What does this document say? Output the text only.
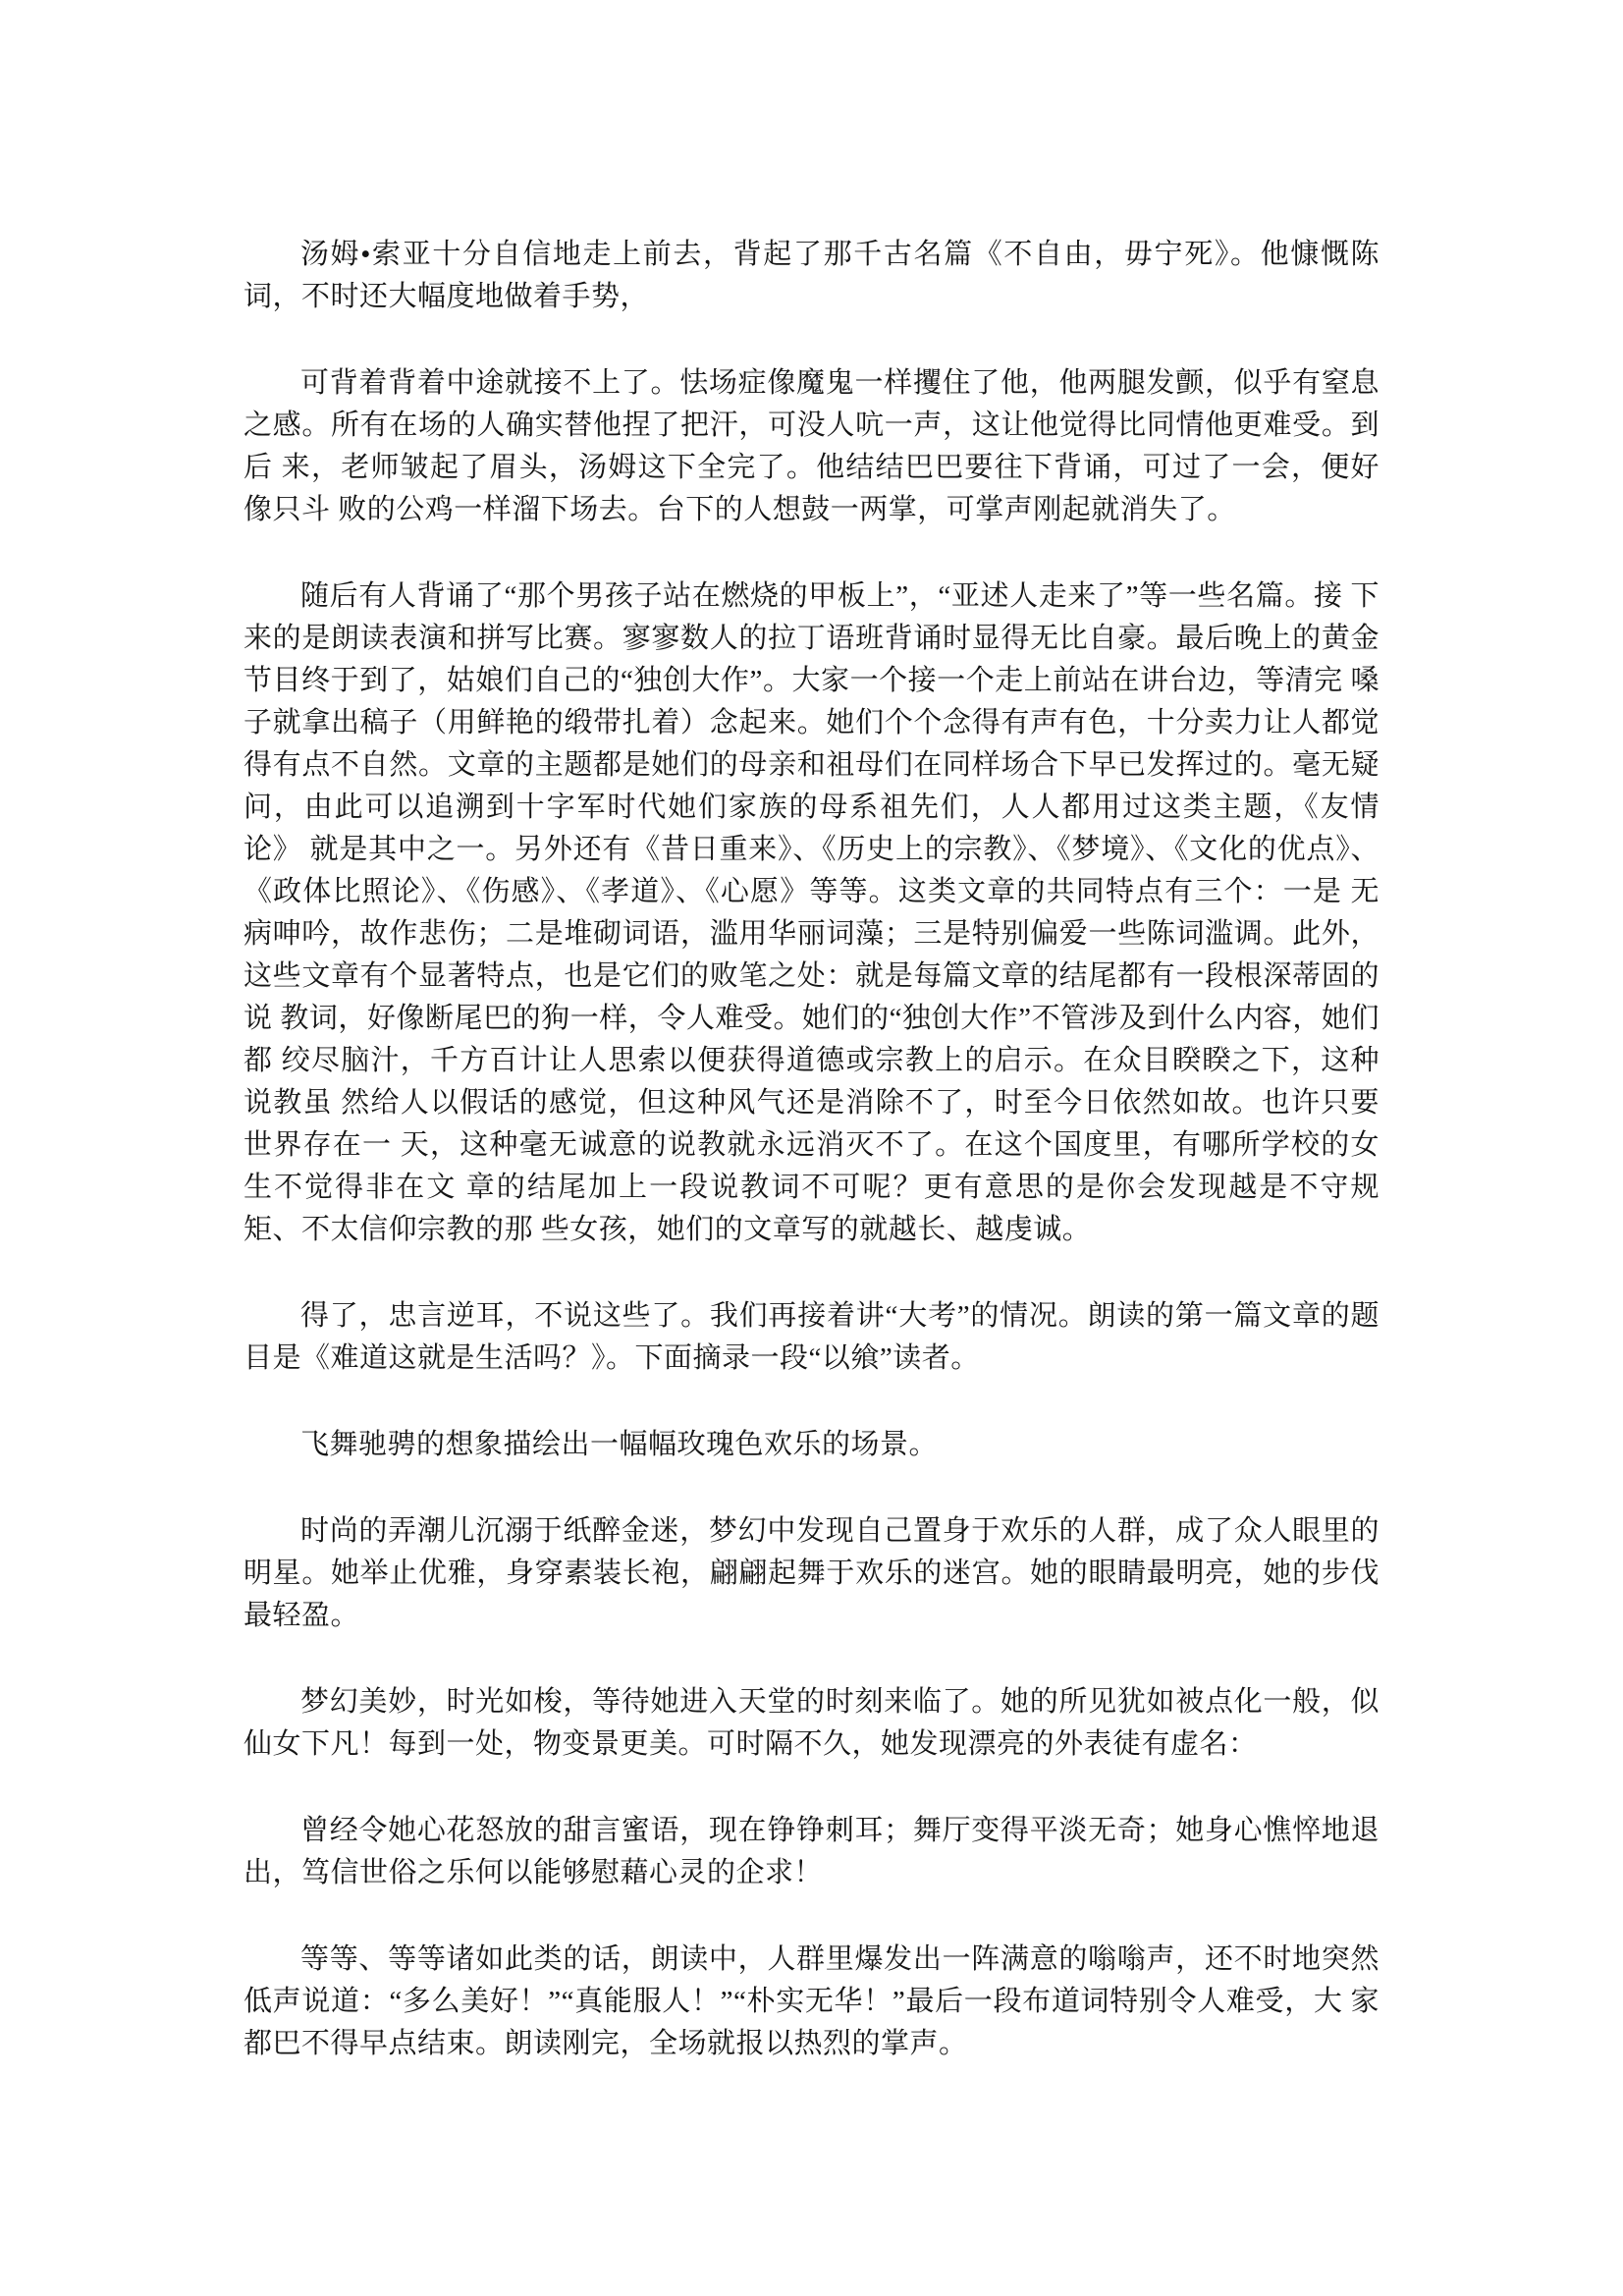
汤姆•索亚十分自信地走上前去，背起了那千古名篇《不自由，毋宁死》。他慷慨陈 词，不时还大幅度地做着手势，

可背着背着中途就接不上了。怯场症像魔鬼一样攫住了他，他两腿发颤，似乎有窒息之感。所有在场的人确实替他捏了把汗，可没人吭一声，这让他觉得比同情他更难受。到后 来，老师皱起了眉头，汤姆这下全完了。他结结巴巴要往下背诵，可过了一会，便好像只斗 败的公鸡一样溜下场去。台下的人想鼓一两掌，可掌声刚起就消失了。

随后有人背诵了“那个男孩子站在燃烧的甲板上”，“亚述人走来了”等一些名篇。接 下来的是朗读表演和拼写比赛。寥寥数人的拉丁语班背诵时显得无比自豪。最后晚上的黄金 节目终于到了，姑娘们自己的“独创大作”。大家一个接一个走上前站在讲台边，等清完 嗓子就拿出稿子（用鲜艳的缎带扎着）念起来。她们个个念得有声有色，十分卖力让人都觉 得有点不自然。文章的主题都是她们的母亲和祖母们在同样场合下早已发挥过的。毫无疑 问，由此可以追溯到十字军时代她们家族的母系祖先们，人人都用过这类主题，《友情论》 就是其中之一。另外还有《昔日重来》、《历史上的宗教》、《梦境》、《文化的优点》、 《政体比照论》、《伤感》、《孝道》、《心愿》等等。这类文章的共同特点有三个：一是 无病呻吟，故作悲伤；二是堆砌词语，滥用华丽词藻；三是特别偏爱一些陈词滥调。此外， 这些文章有个显著特点，也是它们的败笔之处：就是每篇文章的结尾都有一段根深蒂固的说 教词，好像断尾巴的狗一样，令人难受。她们的“独创大作”不管涉及到什么内容，她们都 绞尽脑汁，千方百计让人思索以便获得道德或宗教上的启示。在众目睽睽之下，这种说教虽 然给人以假话的感觉，但这种风气还是消除不了，时至今日依然如故。也许只要世界存在一 天，这种毫无诚意的说教就永远消灭不了。在这个国度里，有哪所学校的女生不觉得非在文 章的结尾加上一段说教词不可呢？更有意思的是你会发现越是不守规矩、不太信仰宗教的那 些女孩，她们的文章写的就越长、越虔诚。

得了，忠言逆耳，不说这些了。我们再接着讲“大考”的情况。朗读的第一篇文章的题目是《难道这就是生活吗？》。下面摘录一段“以飨”读者。

飞舞驰骋的想象描绘出一幅幅玫瑰色欢乐的场景。

时尚的弄潮儿沉溺于纸醉金迷，梦幻中发现自己置身于欢乐的人群，成了众人眼里的明星。她举止优雅，身穿素装长袍，翩翩起舞于欢乐的迷宫。她的眼睛最明亮，她的步伐最轻盈。

梦幻美妙，时光如梭，等待她进入天堂的时刻来临了。她的所见犹如被点化一般，似仙女下凡！每到一处，物变景更美。可时隔不久，她发现漂亮的外表徒有虚名：

曾经令她心花怒放的甜言蜜语，现在铮铮刺耳；舞厅变得平淡无奇；她身心憔悴地退 出，笃信世俗之乐何以能够慰藉心灵的企求！

等等、等等诸如此类的话，朗读中，人群里爆发出一阵满意的嗡嗡声，还不时地突然低声说道：“多么美好！”“真能服人！”“朴实无华！”最后一段布道词特别令人难受，大 家都巴不得早点结束。朗读刚完，全场就报以热烈的掌声。
